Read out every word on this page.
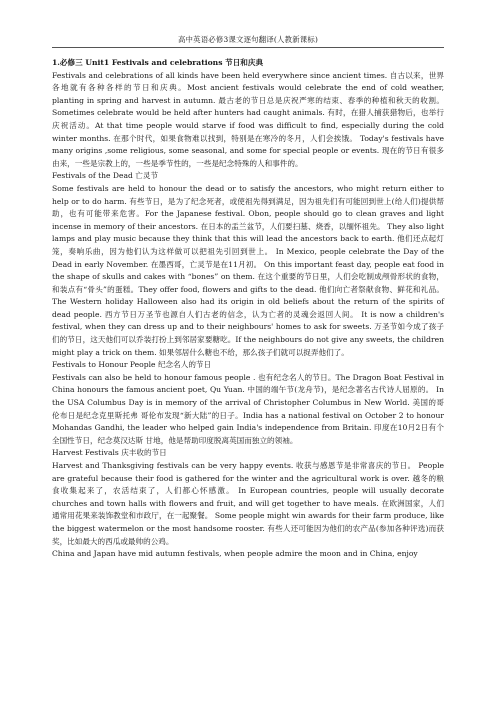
高中英语必修3课文逐句翻译(人教新课标)

1.必修三 Unit1 Festivals and celebrations 节日和庆典

Festivals and celebrations of all kinds have been held everywhere since ancient times. 自古以来，世界各地就有各种各样的节日和庆典。Most ancient festivals would celebrate the end of cold weather, planting in spring and harvest in autumn. 最古老的节日总是庆祝严寒的结束、春季的种植和秋天的收割。 Sometimes celebrate would be held after hunters had caught animals. 有时，在猎人捕获猎物后，也举行庆祝活动。At that time people would starve if food was difficult to find, especially during the cold winter months. 在那个时代，如果食物难以找到，特别是在寒冷的冬月，人们会挨饿。 Today's festivals have many origins ,some religious, some seasonal, and some for special people or events. 现在的节日有很多由来，一些是宗教上的，一些是季节性的，一些是纪念特殊的人和事件的。

Festivals of the Dead 亡灵节

Some festivals are held to honour the dead or to satisfy the ancestors, who might return either to help or to do harm. 有些节日，是为了纪念死者，或使祖先得到满足，因为祖先们有可能回到世上(给人们)提供帮助，也有可能带来危害。For the Japanese festival. Obon, people should go to clean graves and light incense in memory of their ancestors. 在日本的盂兰盆节，人们要扫墓、烧香，以缅怀祖先。 They also light lamps and play music because they think that this will lead the ancestors back to earth. 他们还点起灯笼，奏响乐曲，因为他们认为这样做可以把祖先引回到世上。 In Mexico, people celebrate the Day of the Dead in early November. 在墨西哥，亡灵节是在11月初。 On this important feast day, people eat food in the shape of skulls and cakes with “bones” on them. 在这个重要的节日里，人们会吃制成颅骨形状的食物，和装点有“骨头”的蛋糕。They offer food, flowers and gifts to the dead. 他们向亡者祭献食物、鲜花和礼品。The Western holiday Halloween also had its origin in old beliefs about the return of the spirits of dead people. 西方节日万圣节也源自人们古老的信念，认为亡者的灵魂会返回人间。 It is now a children's festival, when they can dress up and to their neighbours' homes to ask for sweets. 万圣节如今成了孩子们的节日，这天他们可以乔装打扮上到邻居家要糖吃。If the neighbours do not give any sweets, the children might play a trick on them. 如果邻居什么糖也不给，那么孩子们就可以捉弄他们了。

Festivals to Honour People 纪念名人的节日

Festivals can also be held to honour famous people . 也有纪念名人的节日。The Dragon Boat Festival in China honours the famous ancient poet, Qu Yuan. 中国的端午节(龙舟节)，是纪念著名古代诗人屈原的。 In the USA Columbus Day is in memory of the arrival of Christopher Columbus in New World. 美国的哥伦布日是纪念克里斯托弗 哥伦布发现“新大陆”的日子。India has a national festival on October 2 to honour Mohandas Gandhi, the leader who helped gain India's independence from Britain. 印度在10月2日有个全国性节日，纪念莫汉达斯 甘地，他是帮助印度脱离英国而独立的领袖。

Harvest Festivals 庆丰收的节日

Harvest and Thanksgiving festivals can be very happy events. 收获与感恩节是非常喜庆的节日。 People are grateful because their food is gathered for the winter and the agricultural work is over. 越冬的粮食收集起来了，农活结束了，人们都心怀感激。 In European countries, people will usually decorate churches and town halls with flowers and fruit, and will get together to have meals. 在欧洲国家，人们通常用花果来装饰教堂和市政厅，在一起聚餐。 Some people might win awards for their farm produce, like the biggest watermelon or the most handsome rooster. 有些人还可能因为他们的农产品(参加各种评选)而获奖，比如最大的西瓜或最帅的公鸡。

China and Japan have mid autumn festivals, when people admire the moon and in China, enjoy
